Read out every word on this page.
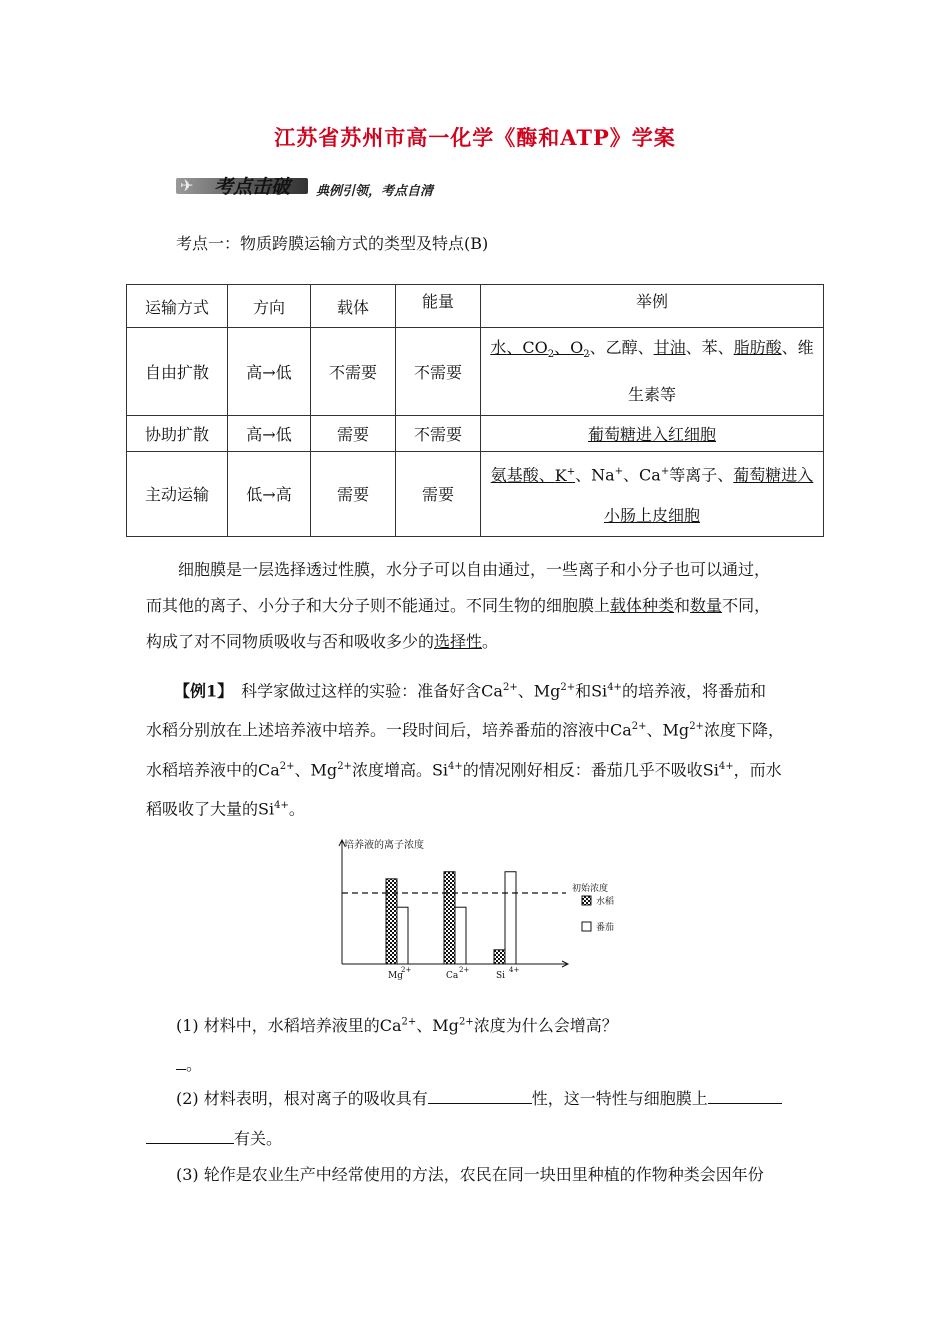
江苏省苏州市高一化学《酶和ATP》学案
✈ 考点击破 典例引领，考点自清
考点一：物质跨膜运输方式的类型及特点(B)
运输方式	方向	载体	能量	举例
自由扩散	高→低	不需要	不需要	水、$CO_2$、$O_2$、乙醇、甘油、苯、脂肪酸、维
生素等
协助扩散	高→低	需要	不需要	葡萄糖进入红细胞
主动运输	低→高	需要	需要	氨基酸、K+、Na+、Ca+等离子、葡萄糖进入
小肠上皮细胞
细胞膜是一层选择透过性膜，水分子可以自由通过，一些离子和小分子也可以通过，
而其他的离子、小分子和大分子则不能通过。不同生物的细胞膜上载体种类和数量不同，
构成了对不同物质吸收与否和吸收多少的选择性。
【例1】　 科学家做过这样的实验：准备好含$Ca^{2+}$、$Mg^{2+}$和$Si^{4+}$的培养液，将番茄和
水稻分别放在上述培养液中培养。一段时间后，培养番茄的溶液中$Ca^{2+}$、$Mg^{2+}$浓度下降，
水稻培养液中的$Ca^{2+}$、$Mg^{2+}$浓度增高。$Si^{4+}$的情况刚好相反：番茄几乎不吸收$Si^{4+}$，而水
稻吸收了大量的$Si^{4+}$。
培养液的离子浓度
Mg
2+
Ca
2+
Si
4+
初始浓度
水稻
番茄
(1) 材料中，水稻培养液里的$Ca^{2+}$、$Mg^{2+}$浓度为什么会增高？
。
(2) 材料表明，根对离子的吸收具有	性，这一特性与细胞膜上
有关。
(3) 轮作是农业生产中经常使用的方法，农民在同一块田里种植的作物种类会因年份
